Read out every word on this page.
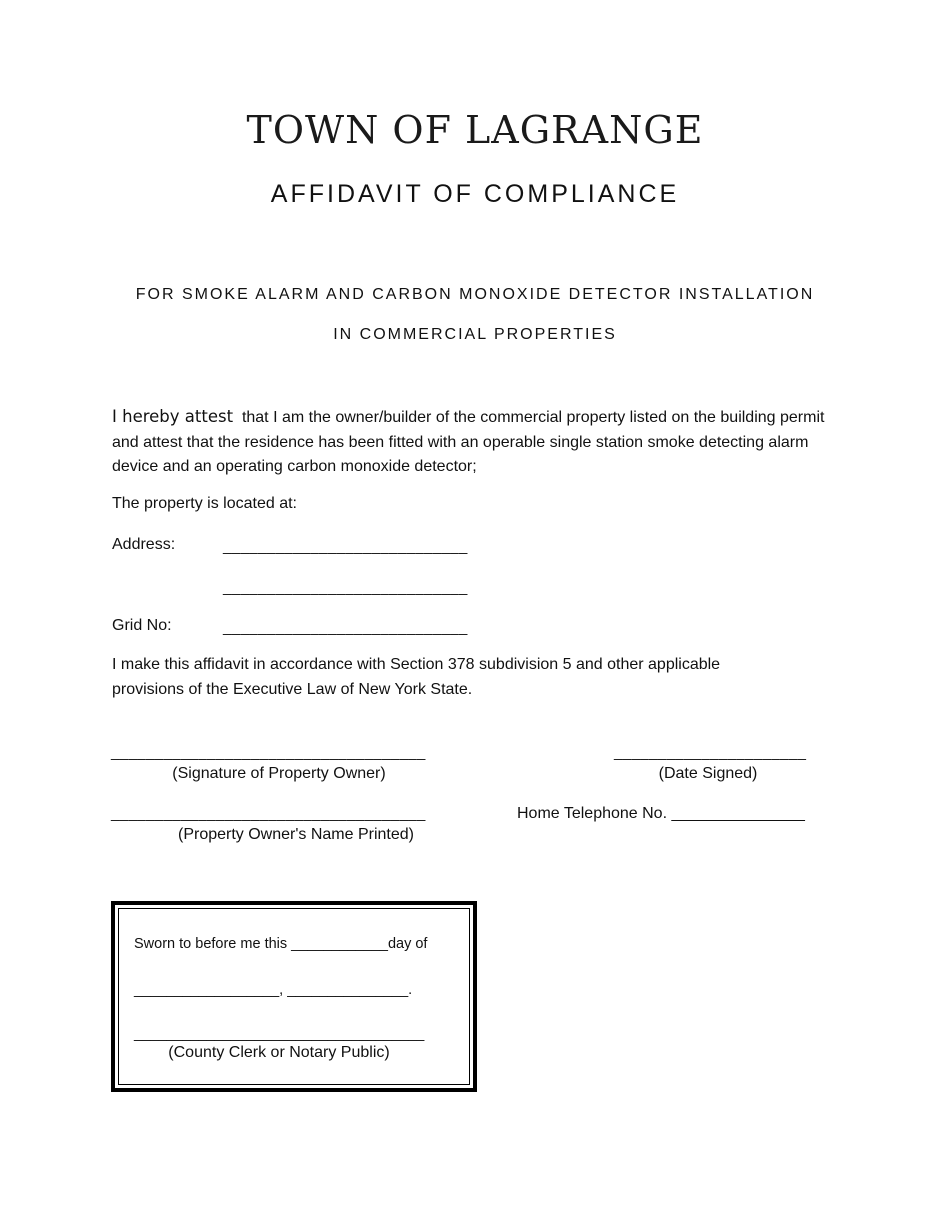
TOWN OF LAGRANGE
AFFIDAVIT OF COMPLIANCE
FOR SMOKE ALARM AND CARBON MONOXIDE DETECTOR INSTALLATION
IN COMMERCIAL PROPERTIES
I hereby attest that I am the owner/builder of the commercial property listed on the building permit and attest that the residence has been fitted with an operable single station smoke detecting alarm device and an operating carbon monoxide detector;
The property is located at:
Address:	____________________________
____________________________
Grid No:	____________________________
I make this affidavit in accordance with Section 378 subdivision 5 and other applicable
provisions of the Executive Law of New York State.
____________________________________
(Signature of Property Owner)
______________________
(Date Signed)
____________________________________
(Property Owner's Name Printed)
Home Telephone No. _______________
Sworn to before me this ____________day of
__________________, _______________.
____________________________________
(County Clerk or Notary Public)
